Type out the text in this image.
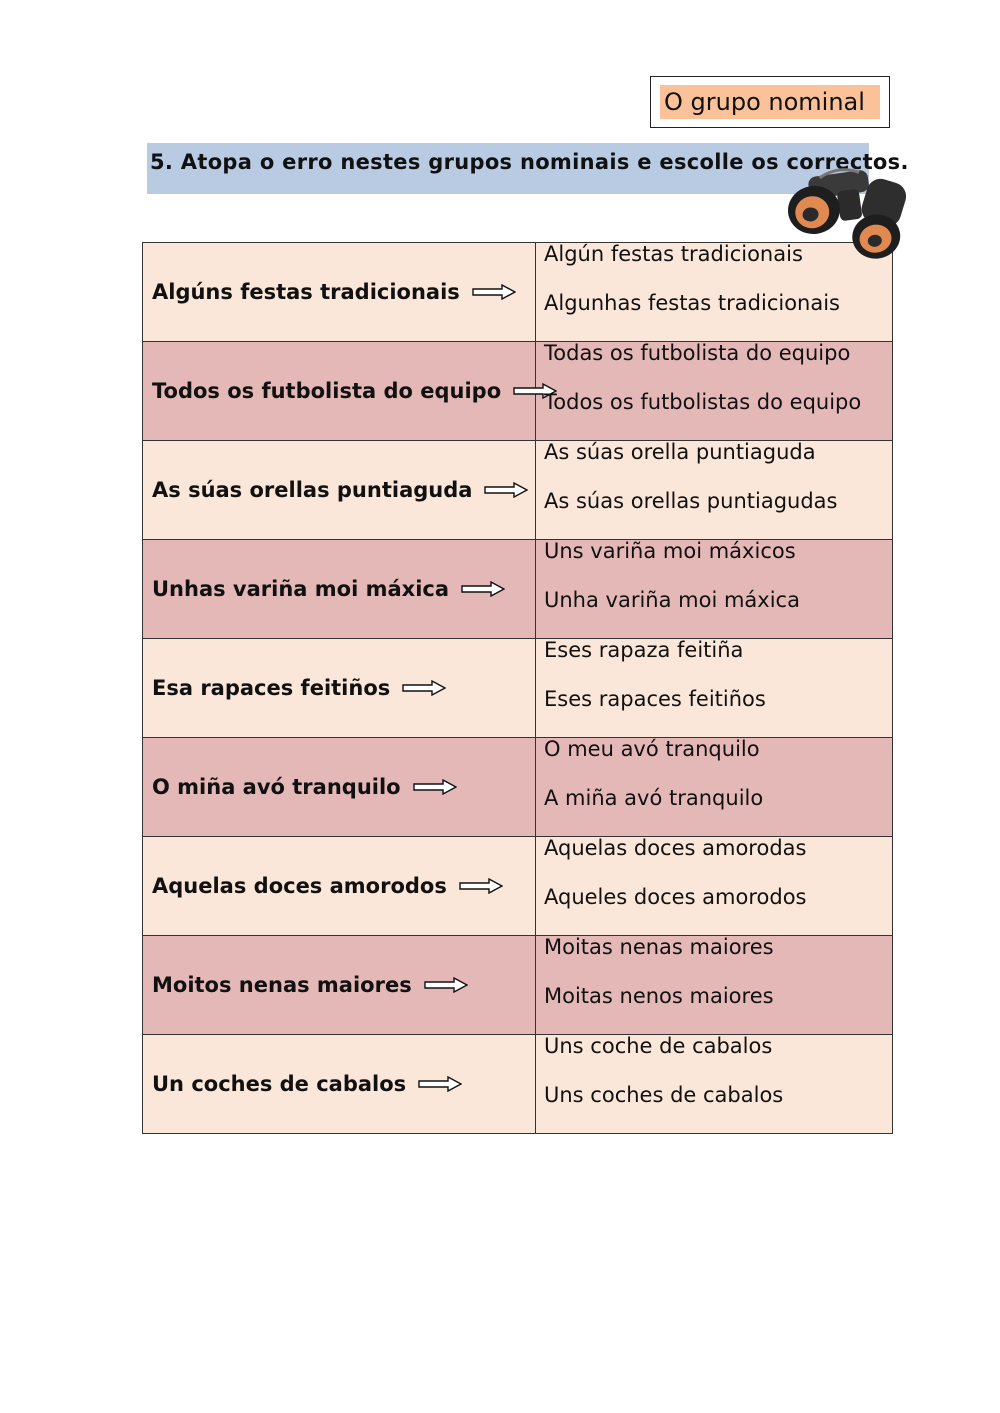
O grupo nominal
5. Atopa o erro nestes grupos nominais e escolle os correctos.
Algúns festas tradicionais	Algún festas tradicionais
Algunhas festas tradicionais

Todos os futbolista do equipo	Todas os futbolista do equipo
Todos os futbolistas do equipo

As súas orellas puntiaguda	As súas orella puntiaguda
As súas orellas puntiagudas

Unhas variña moi máxica	Uns variña moi máxicos
Unha variña moi máxica

Esa rapaces feitiños	Eses rapaza feitiña
Eses rapaces feitiños

O miña avó tranquilo	O meu avó tranquilo
A miña avó tranquilo

Aquelas doces amorodos	Aquelas doces amorodas
Aqueles doces amorodos

Moitos nenas maiores	Moitas nenas maiores
Moitas nenos maiores

Un coches de cabalos	Uns coche de cabalos
Uns coches de cabalos
